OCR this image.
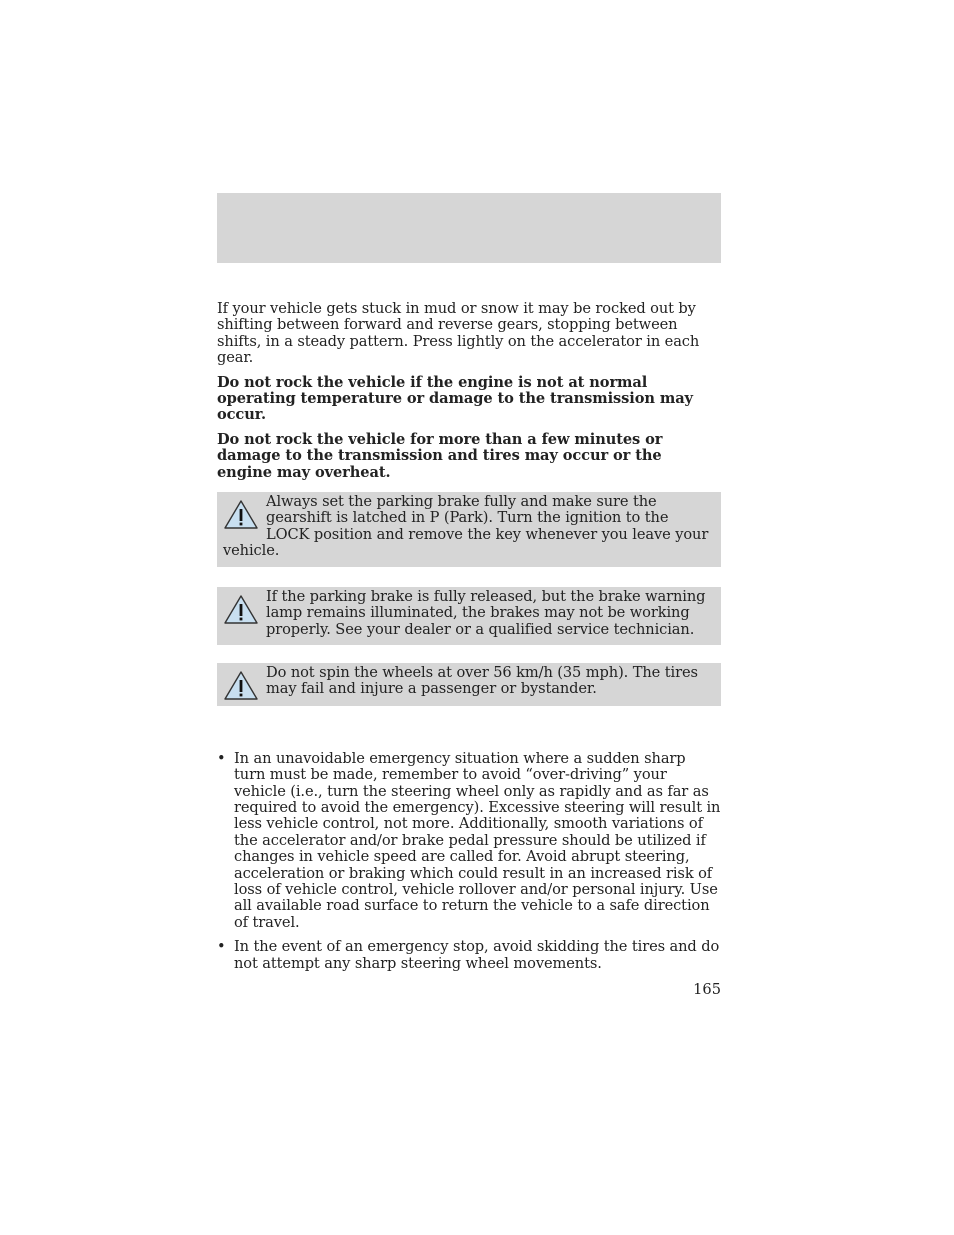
If your vehicle gets stuck in mud or snow it may be rocked out by shifting between forward and reverse gears, stopping between shifts, in a steady pattern. Press lightly on the accelerator in each gear.

Do not rock the vehicle if the engine is not at normal operating temperature or damage to the transmission may occur.

Do not rock the vehicle for more than a few minutes or damage to the transmission and tires may occur or the engine may overheat.

Always set the parking brake fully and make sure the gearshift is latched in P (Park). Turn the ignition to the LOCK position and remove the key whenever you leave your vehicle.
If the parking brake is fully released, but the brake warning lamp remains illuminated, the brakes may not be working properly. See your dealer or a qualified service technician.
Do not spin the wheels at over 56 km/h (35 mph). The tires may fail and injure a passenger or bystander.
• In an unavoidable emergency situation where a sudden sharp turn must be made, remember to avoid “over-driving” your vehicle (i.e., turn the steering wheel only as rapidly and as far as required to avoid the emergency). Excessive steering will result in less vehicle control, not more. Additionally, smooth variations of the accelerator and/or brake pedal pressure should be utilized if changes in vehicle speed are called for. Avoid abrupt steering, acceleration or braking which could result in an increased risk of loss of vehicle control, vehicle rollover and/or personal injury. Use all available road surface to return the vehicle to a safe direction of travel.
• In the event of an emergency stop, avoid skidding the tires and do not attempt any sharp steering wheel movements.
165
